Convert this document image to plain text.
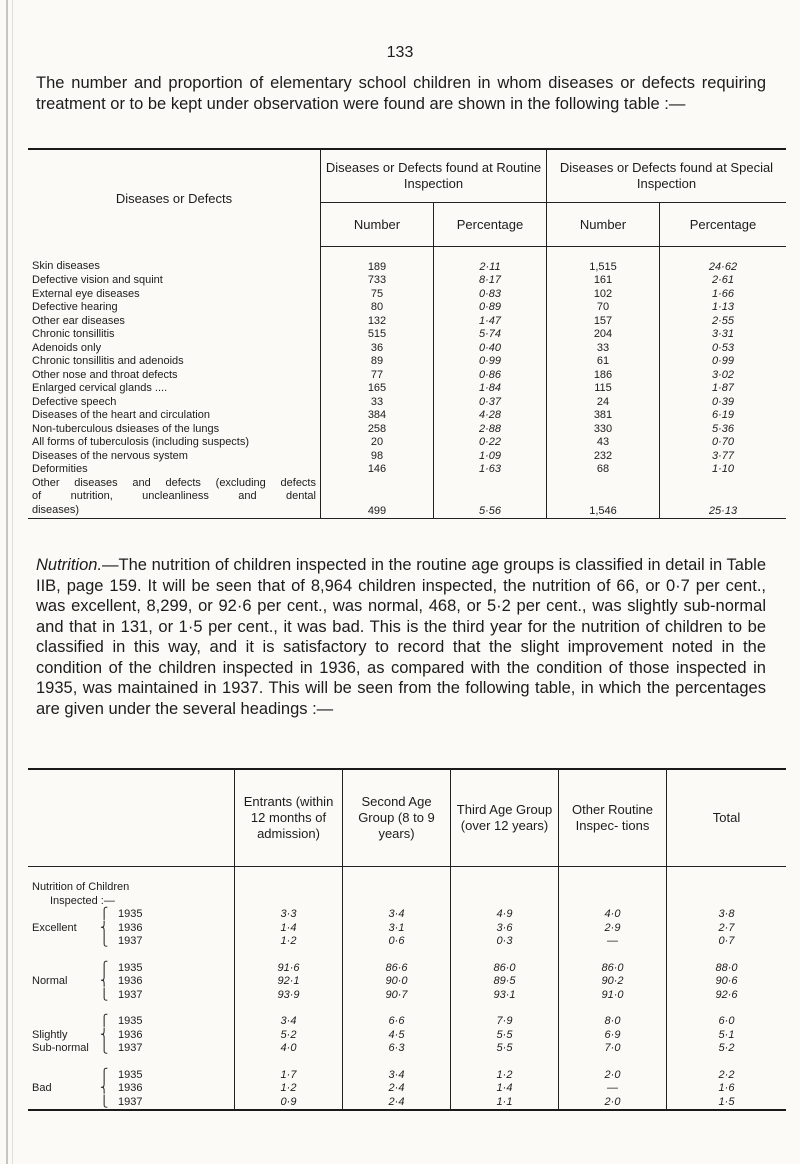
133

The number and proportion of elementary school children in whom diseases or defects requiring treatment or to be kept under observation were found are shown in the following table :—

Diseases or Defects	Diseases or Defects found at Routine Inspection		Diseases or Defects found at Special Inspection	
	Number	Percentage	Number	Percentage
Skin diseases	189	2·11	1,515	24·62
Defective vision and squint	733	8·17	161	2·61
External eye diseases	75	0·83	102	1·66
Defective hearing	80	0·89	70	1·13
Other ear diseases	132	1·47	157	2·55
Chronic tonsillitis	515	5·74	204	3·31
Adenoids only	36	0·40	33	0·53
Chronic tonsillitis and adenoids	89	0·99	61	0·99
Other nose and throat defects	77	0·86	186	3·02
Enlarged cervical glands ....	165	1·84	115	1·87
Defective speech	33	0·37	24	0·39
Diseases of the heart and circulation	384	4·28	381	6·19
Non-tuberculous dsieases of the lungs	258	2·88	330	5·36
All forms of tuberculosis (including suspects)	20	0·22	43	0·70
Diseases of the nervous system	98	1·09	232	3·77
Deformities	146	1·63	68	1·10

Other diseases and defects (excluding defects
of nutrition, uncleanliness and dental
diseases)	499	5·56	1,546	25·13

Nutrition.—The nutrition of children inspected in the routine age groups is classified in detail in Table IIB, page 159. It will be seen that of 8,964 children inspected, the nutrition of 66, or 0·7 per cent., was excellent, 8,299, or 92·6 per cent., was normal, 468, or 5·2 per cent., was slightly sub-normal and that in 131, or 1·5 per cent., it was bad. This is the third year for the nutrition of children to be classified in this way, and it is satisfactory to record that the slight improvement noted in the condition of the children inspected in 1936, as compared with the condition of those inspected in 1935, was maintained in 1937. This will be seen from the following table, in which the percentages are given under the several headings :—

	Entrants (within 12 months of admission)	Second Age Group (8 to 9 years)	Third Age Group (over 12 years)	Other Routine Inspec- tions	Total
Nutrition of Children					
Inspected :—					
⎧ 1935	3·3	3·4	4·9	4·0	3·8
Excellent ⎨ 1936	1·4	3·1	3·6	2·9	2·7
⎩ 1937	1·2	0·6	0·3	—	0·7

⎧ 1935	91·6	86·6	86·0	86·0	88·0
Normal ⎨ 1936	92·1	90·0	89·5	90·2	90·6
⎩ 1937	93·9	90·7	93·1	91·0	92·6

⎧ 1935	3·4	6·6	7·9	8·0	6·0
Slightly ⎨ 1936	5·2	4·5	5·5	6·9	5·1
Sub-normal ⎩ 1937	4·0	6·3	5·5	7·0	5·2

⎧ 1935	1·7	3·4	1·2	2·0	2·2
Bad ⎨ 1936	1·2	2·4	1·4	—	1·6
⎩ 1937	0·9	2·4	1·1	2·0	1·5
